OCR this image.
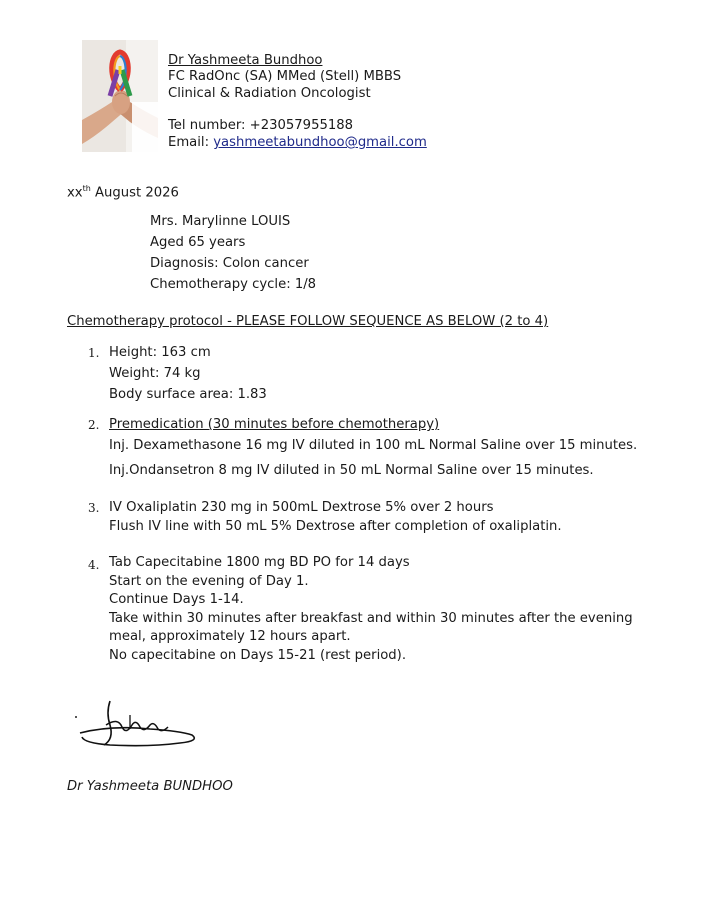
Dr Yashmeeta Bundhoo
FC RadOnc (SA) MMed (Stell) MBBS
Clinical & Radiation Oncologist
Tel number: +23057955188
Email: yashmeetabundhoo@gmail.com
$xx^{th}$ August 2026
Mrs. Marylinne LOUIS
Aged 65 years
Diagnosis: Colon cancer
Chemotherapy cycle: 1/8
Chemotherapy protocol - PLEASE FOLLOW SEQUENCE AS BELOW (2 to 4)
1. Height: 163 cm
Weight: 74 kg
Body surface area: 1.83
2. Premedication (30 minutes before chemotherapy)
Inj. Dexamethasone 16 mg IV diluted in 100 mL Normal Saline over 15 minutes.
Inj.Ondansetron 8 mg IV diluted in 50 mL Normal Saline over 15 minutes.
3. IV Oxaliplatin 230 mg in 500mL Dextrose 5% over 2 hours
Flush IV line with 50 mL 5% Dextrose after completion of oxaliplatin.
4. Tab Capecitabine 1800 mg BD PO for 14 days
Start on the evening of Day 1.
Continue Days 1-14.
Take within 30 minutes after breakfast and within 30 minutes after the evening
meal, approximately 12 hours apart.
No capecitabine on Days 15-21 (rest period).
Dr Yashmeeta BUNDHOO
